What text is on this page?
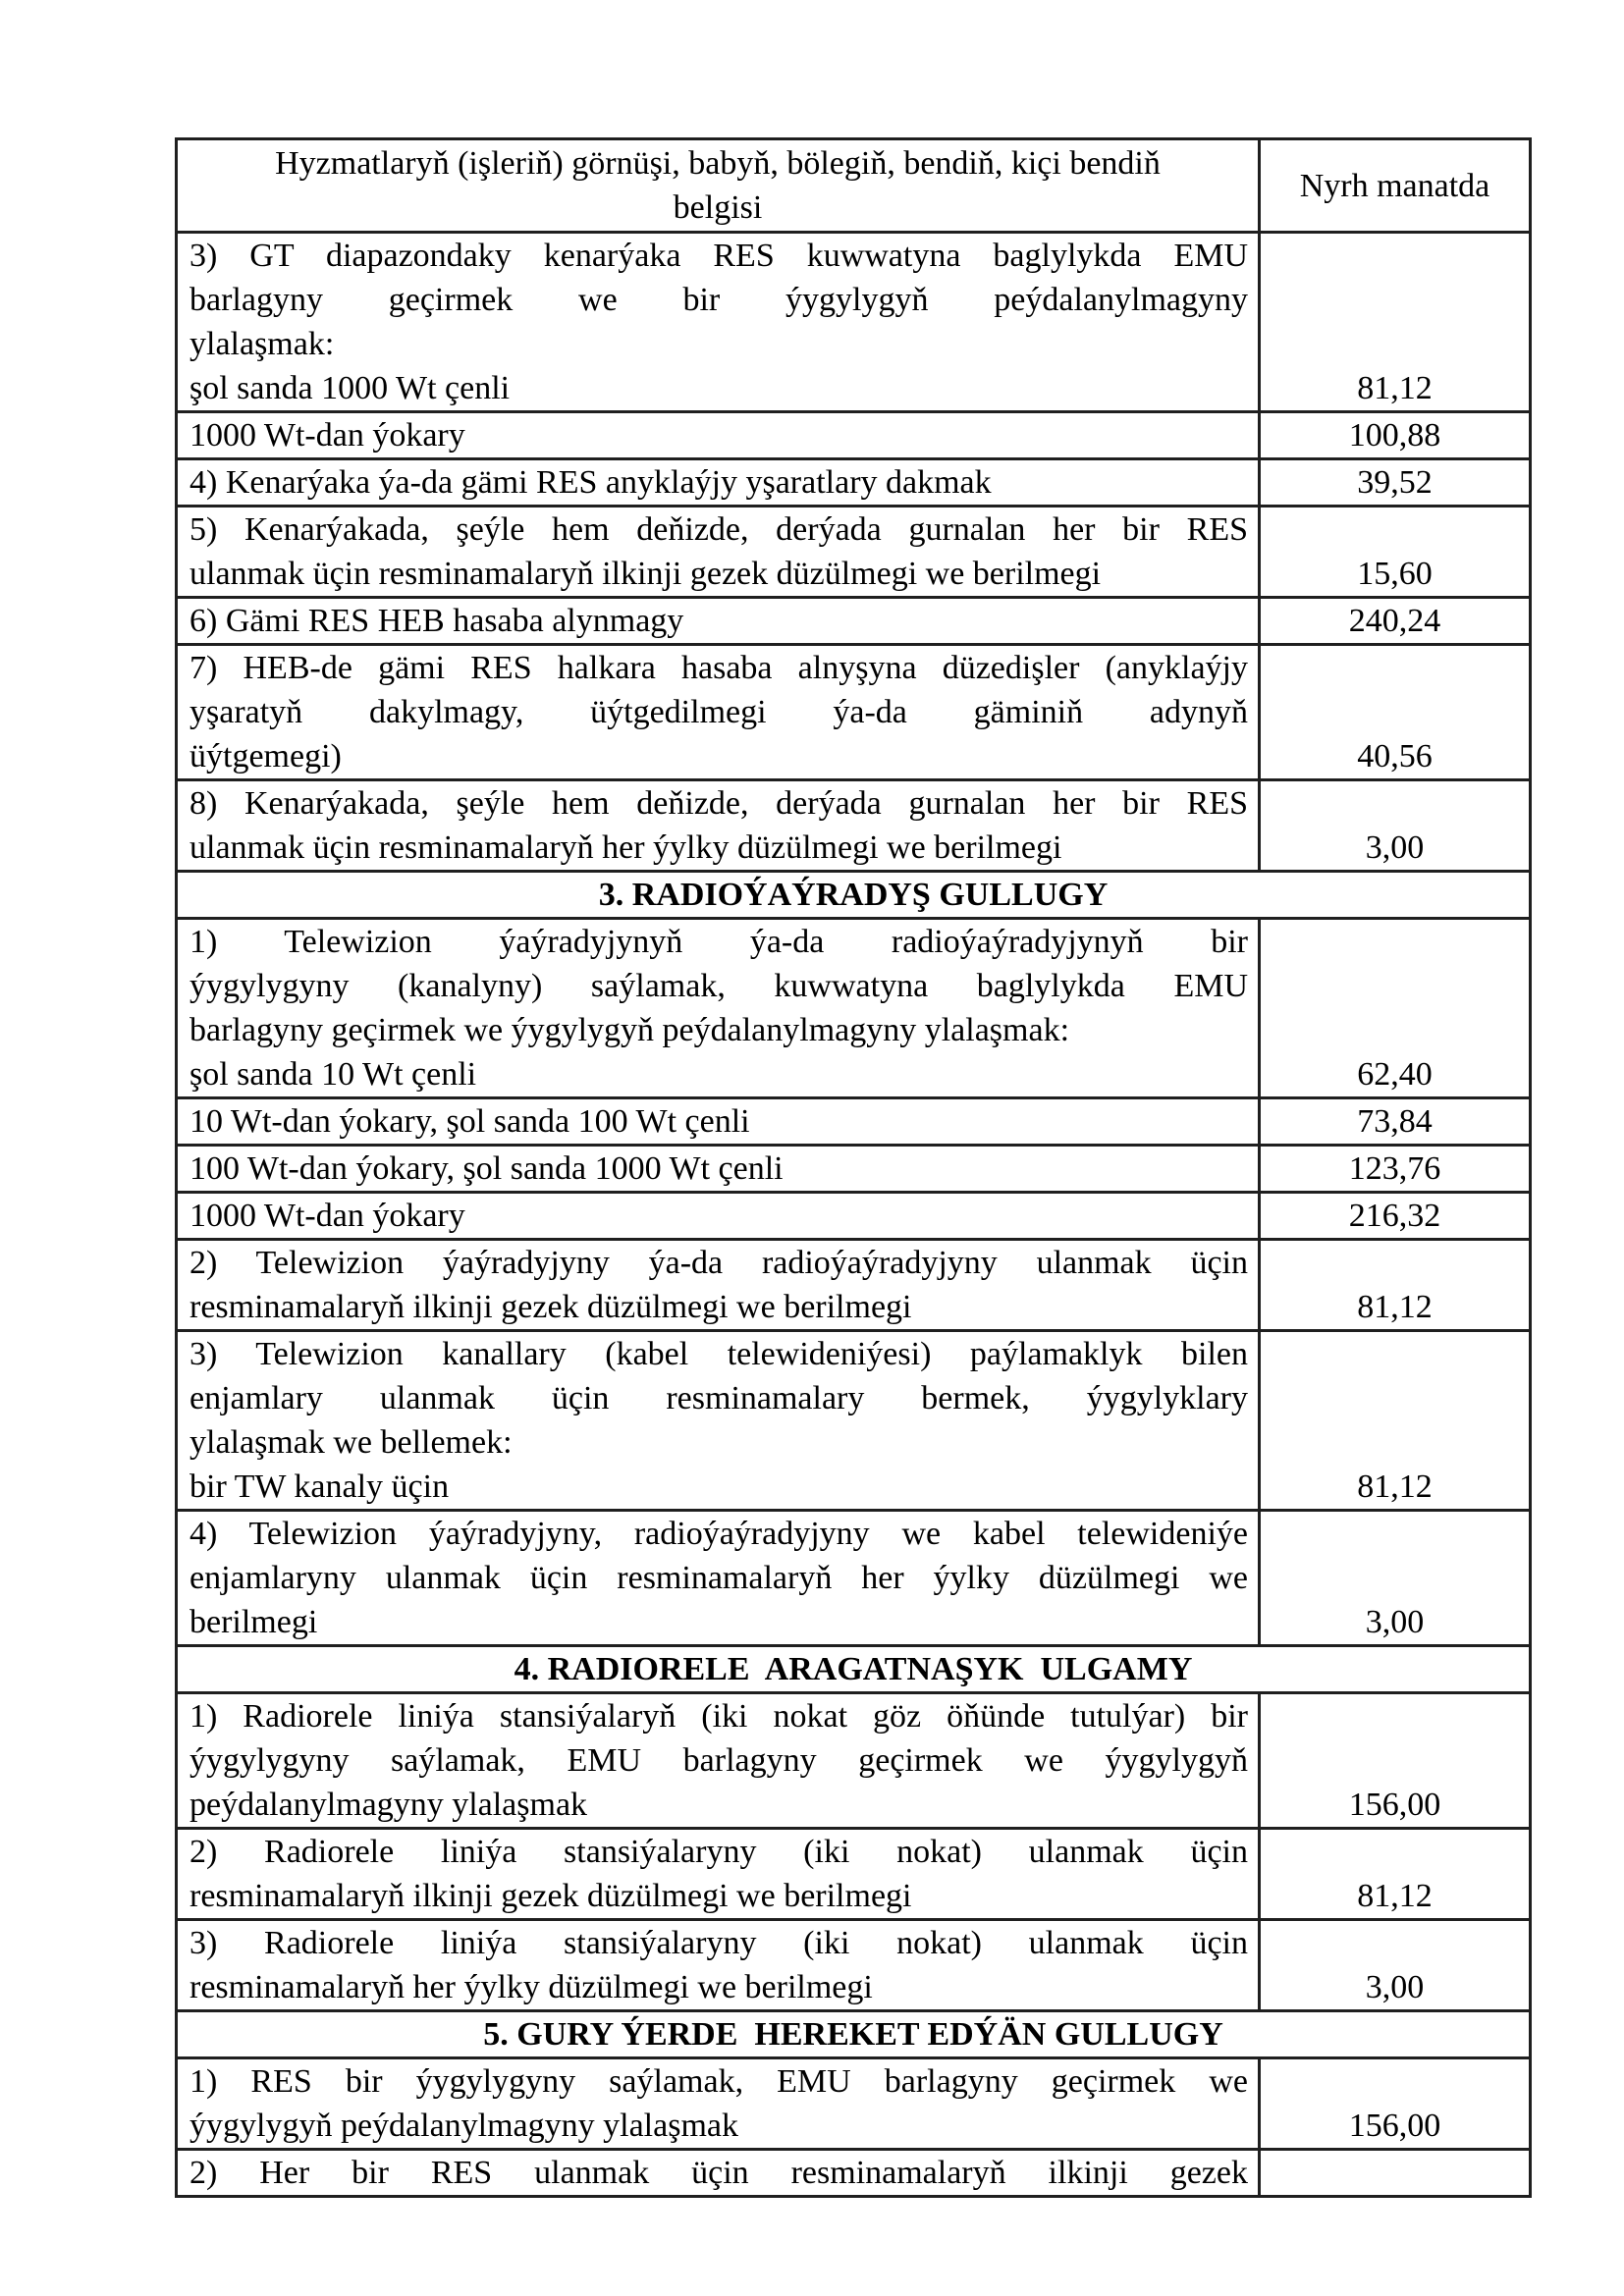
Hyzmatlaryň (işleriň) görnüşi, babyň, bölegiň, bendiň, kiçi bendiň
belgisi	Nyrh manatda

3) GT diapazondaky kenarýaka RES kuwwatyna baglylykda EMU
barlagyny geçirmek we bir ýygylygyň peýdalanylmagyny
ylalaşmak:
şol sanda 1000 Wt çenli	81,12

1000 Wt-dan ýokary	100,88

4) Kenarýaka ýa-da gämi RES anyklaýjy yşaratlary dakmak	39,52

5) Kenarýakada, şeýle hem deňizde, derýada gurnalan her bir RES
ulanmak üçin resminamalaryň ilkinji gezek düzülmegi we berilmegi	15,60

6) Gämi RES HEB hasaba alynmagy	240,24

7) HEB-de gämi RES halkara hasaba alnyşyna düzedişler (anyklaýjy
yşaratyň dakylmagy, üýtgedilmegi ýa-da gäminiň adynyň
üýtgemegi)	40,56

8) Kenarýakada, şeýle hem deňizde, derýada gurnalan her bir RES
ulanmak üçin resminamalaryň her ýylky düzülmegi we berilmegi	3,00
3. RADIOÝAÝRADYŞ GULLUGY	

1) Telewizion ýaýradyjynyň ýa-da radioýaýradyjynyň bir
ýygylygyny (kanalyny) saýlamak, kuwwatyna baglylykda EMU
barlagyny geçirmek we ýygylygyň peýdalanylmagyny ylalaşmak:
şol sanda 10 Wt çenli	62,40

10 Wt-dan ýokary, şol sanda 100 Wt çenli	73,84

100 Wt-dan ýokary, şol sanda 1000 Wt çenli	123,76

1000 Wt-dan ýokary	216,32

2) Telewizion ýaýradyjyny ýa-da radioýaýradyjyny ulanmak üçin
resminamalaryň ilkinji gezek düzülmegi we berilmegi	81,12

3) Telewizion kanallary (kabel telewideniýesi) paýlamaklyk bilen
enjamlary ulanmak üçin resminamalary bermek, ýygylyklary
ylalaşmak we bellemek:
bir TW kanaly üçin	81,12

4) Telewizion ýaýradyjyny, radioýaýradyjyny we kabel telewideniýe
enjamlaryny ulanmak üçin resminamalaryň her ýylky düzülmegi we
berilmegi	3,00
4. RADIORELE  ARAGATNAŞYK  ULGAMY	

1) Radiorele liniýa stansiýalaryň (iki nokat göz öňünde tutulýar) bir
ýygylygyny saýlamak, EMU barlagyny geçirmek we ýygylygyň
peýdalanylmagyny ylalaşmak	156,00

2) Radiorele liniýa stansiýalaryny (iki nokat) ulanmak üçin
resminamalaryň ilkinji gezek düzülmegi we berilmegi	81,12

3) Radiorele liniýa stansiýalaryny (iki nokat) ulanmak üçin
resminamalaryň her ýylky düzülmegi we berilmegi	3,00
5. GURY ÝERDE  HEREKET EDÝÄN GULLUGY	

1) RES bir ýygylygyny saýlamak, EMU barlagyny geçirmek we
ýygylygyň peýdalanylmagyny ylalaşmak	156,00

2) Her bir RES ulanmak üçin resminamalaryň ilkinji gezek	
